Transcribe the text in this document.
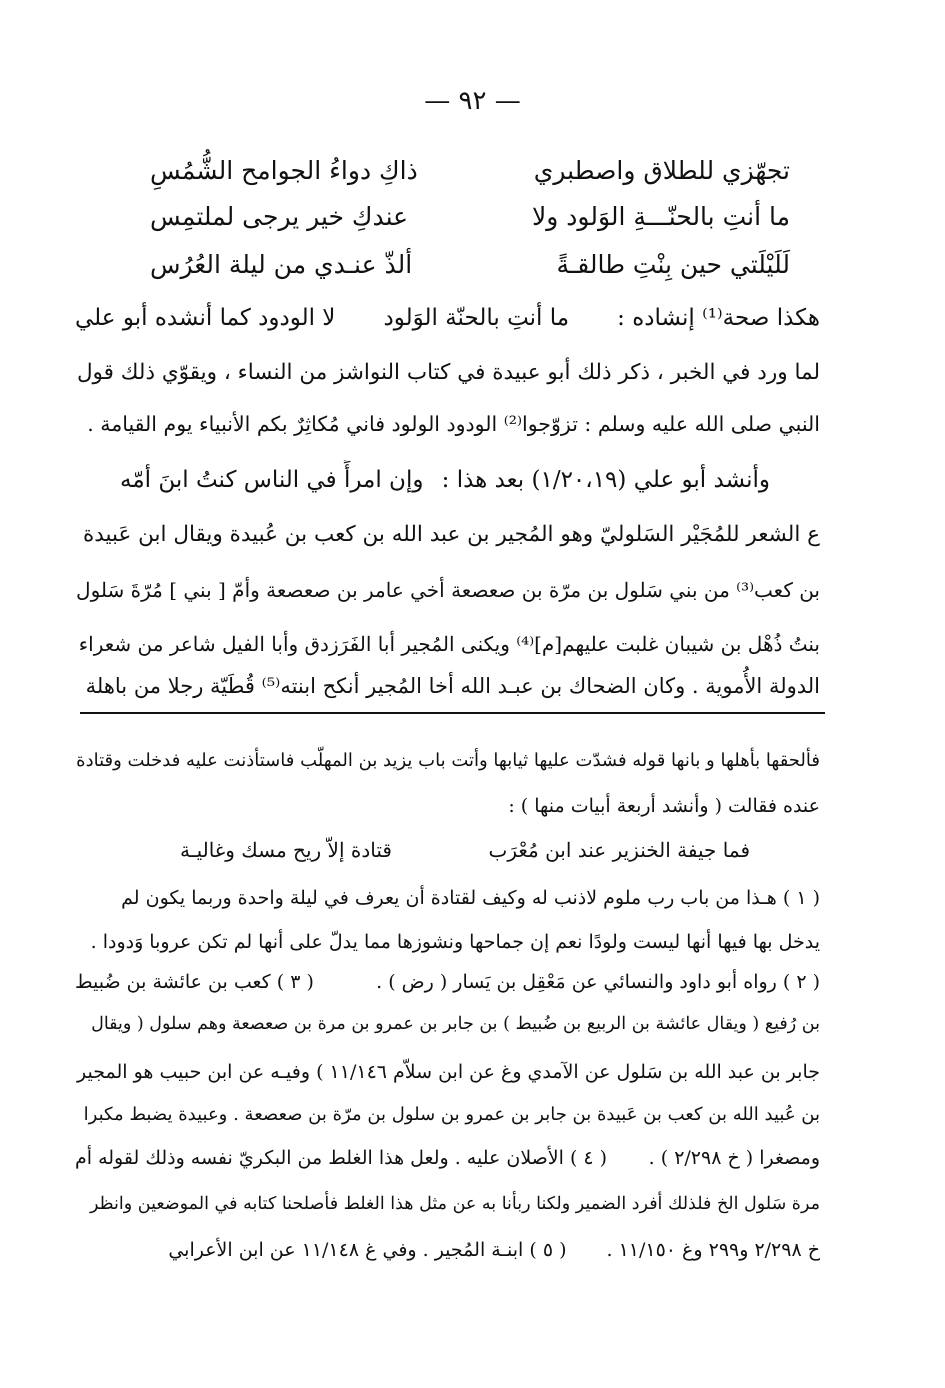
— ٩٢ —
تجهّزي للطلاق واصطبري
ذاكِ دواءُ الجوامح الشُّمُسِ
ما أنتِ بالحنّـــةِ الوَلود ولا
عندكِ خير يرجى لملتمِس
لَلَيْلَتي حين بِنْتِ طالقـةً
ألذّ عنـدي من ليلة العُرُس
هكذا صحة⁽¹⁾ إنشاده :
ما أنتِ بالحنّة الوَلود
لا الودود كما أنشده أبو علي
لما ورد في الخبر ، ذكر ذلك أبو عبيدة في كتاب النواشز من النساء ، ويقوّي ذلك قول
النبي صلى الله عليه وسلم : تزوّجوا⁽²⁾ الودود الولود فاني مُكاثِرٌ بكم الأنبياء يوم القيامة .
وأنشد أبو علي (١/٢٠،١٩) بعد هذا :
وإن امرأً في الناس كنتُ ابنَ أمّه
ع الشعر للمُجَيْر السَلوليّ وهو المُجير بن عبد الله بن كعب بن عُبيدة ويقال ابن عَبيدة
بن كعب⁽³⁾ من بني سَلول بن مرّة بن صعصعة أخي عامر بن صعصعة وأمّ [ بني ] مُرّةَ سَلول
بنتُ ذُهْل بن شيبان غلبت عليهم[م]⁽⁴⁾ ويكنى المُجير أبا الفَرَزدق وأبا الفيل شاعر من شعراء
الدولة الأُموية . وكان الضحاك بن عبـد الله أخا المُجير أنكح ابنته⁽⁵⁾ قُطَيّة رجلا من باهلة
فألحقها بأهلها و بانها قوله فشدّت عليها ثيابها وأتت باب يزيد بن المهلّب فاستأذنت عليه فدخلت وقتادة
عنده فقالت ( وأنشد أربعة أبيات منها ) :
فما جيفة الخنزير عند ابن مُعْرَب
قتادة إلاّ ريح مسك وغاليـة
( ١ ) هـذا من باب رب ملوم لاذنب له وكيف لقتادة أن يعرف في ليلة واحدة وربما يكون لم
يدخل بها فيها أنها ليست ولودًا نعم إن جماحها ونشوزها مما يدلّ على أنها لم تكن عروبا وَدودا .
( ٢ ) رواه أبو داود والنسائي عن مَعْقِل بن يَسار ( رض ) .
( ٣ ) كعب بن عائشة بن ضُبيط
بن رُفيع ( ويقال عائشة بن الربيع بن ضُبيط ) بن جابر بن عمرو بن مرة بن صعصعة وهم سلول ( ويقال
جابر بن عبد الله بن سَلول عن الآمدي وغ عن ابن سلاّم ١١/١٤٦ ) وفيـه عن ابن حبيب هو المجير
بن عُبيد الله بن كعب بن عَبيدة بن جابر بن عمرو بن سلول بن مرّة بن صعصعة . وعبيدة يضبط مكبرا
ومصغرا ( خ ٢/٢٩٨ ) .
( ٤ ) الأصلان عليه . ولعل هذا الغلط من البكريّ نفسه وذلك لقوله أم
مرة سَلول الخ فلذلك أفرد الضمير ولكنا ربأنا به عن مثل هذا الغلط فأصلحنا كتابه في الموضعين وانظر
خ ٢/٢٩٨ و٢٩٩ وغ ١١/١٥٠ .
( ٥ ) ابنـة المُجير . وفي غ ١١/١٤٨ عن ابن الأعرابي
